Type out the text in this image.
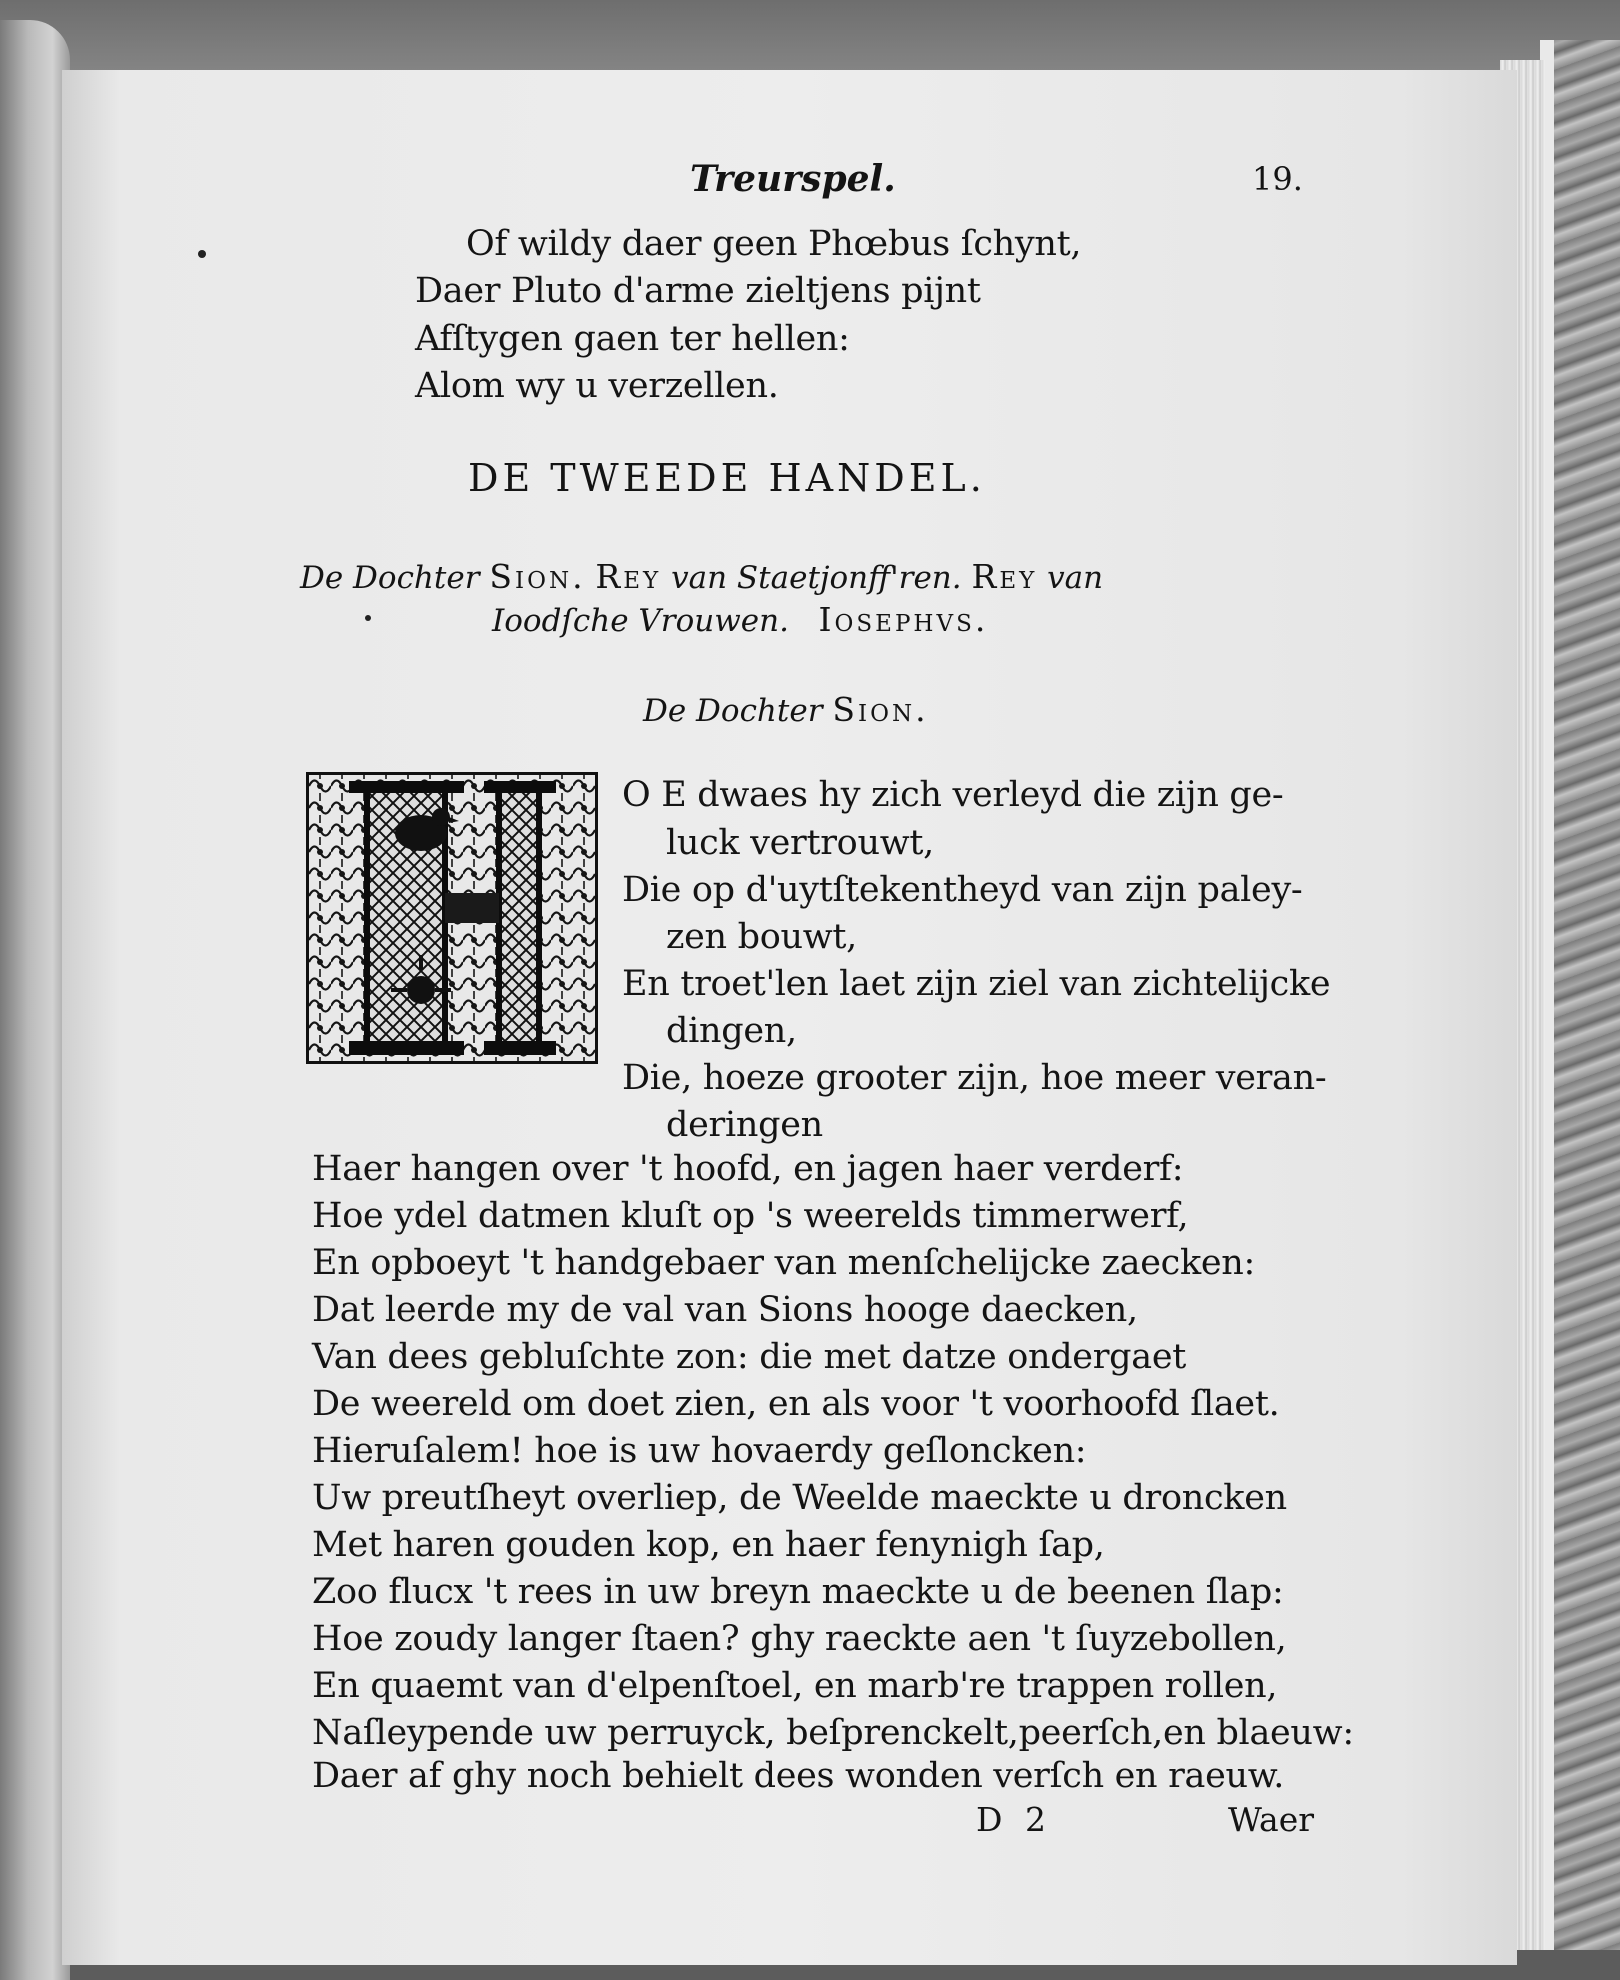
Treurspel.	19.
Of wildy daer geen Phœbus ſchynt,
Daer Pluto d'arme zieltjens pijnt
Afſtygen gaen ter hellen:
Alom wy u verzellen.
DE TWEEDE HANDEL.
De Dochter Sion. Rey van Staetjonff'ren. Rey van
Ioodſche Vrouwen. Iosephvs.
De Dochter Sion.
O E dwaes hy zich verleyd die zijn ge-
luck vertrouwt,
Die op d'uytſtekentheyd van zijn paley-
zen bouwt,
En troet'len laet zijn ziel van zichtelijcke
dingen,
Die, hoeze grooter zijn, hoe meer veran-
deringen
Haer hangen over 't hoofd, en jagen haer verderf:
Hoe ydel datmen kluſt op 's weerelds timmerwerf,
En opboeyt 't handgebaer van menſchelijcke zaecken:
Dat leerde my de val van Sions hooge daecken,
Van dees gebluſchte zon: die met datze ondergaet
De weereld om doet zien, en als voor 't voorhoofd ſlaet.
Hieruſalem! hoe is uw hovaerdy geſloncken:
Uw preutſheyt overliep, de Weelde maeckte u droncken
Met haren gouden kop, en haer fenynigh ſap,
Zoo flucx 't rees in uw breyn maeckte u de beenen ſlap:
Hoe zoudy langer ſtaen? ghy raeckte aen 't ſuyzebollen,
En quaemt van d'elpenſtoel, en marb're trappen rollen,
Naſleypende uw perruyck, beſprenckelt,peerſch,en blaeuw:
D 2	Waer
Daer af ghy noch behielt dees wonden verſch en raeuw.
